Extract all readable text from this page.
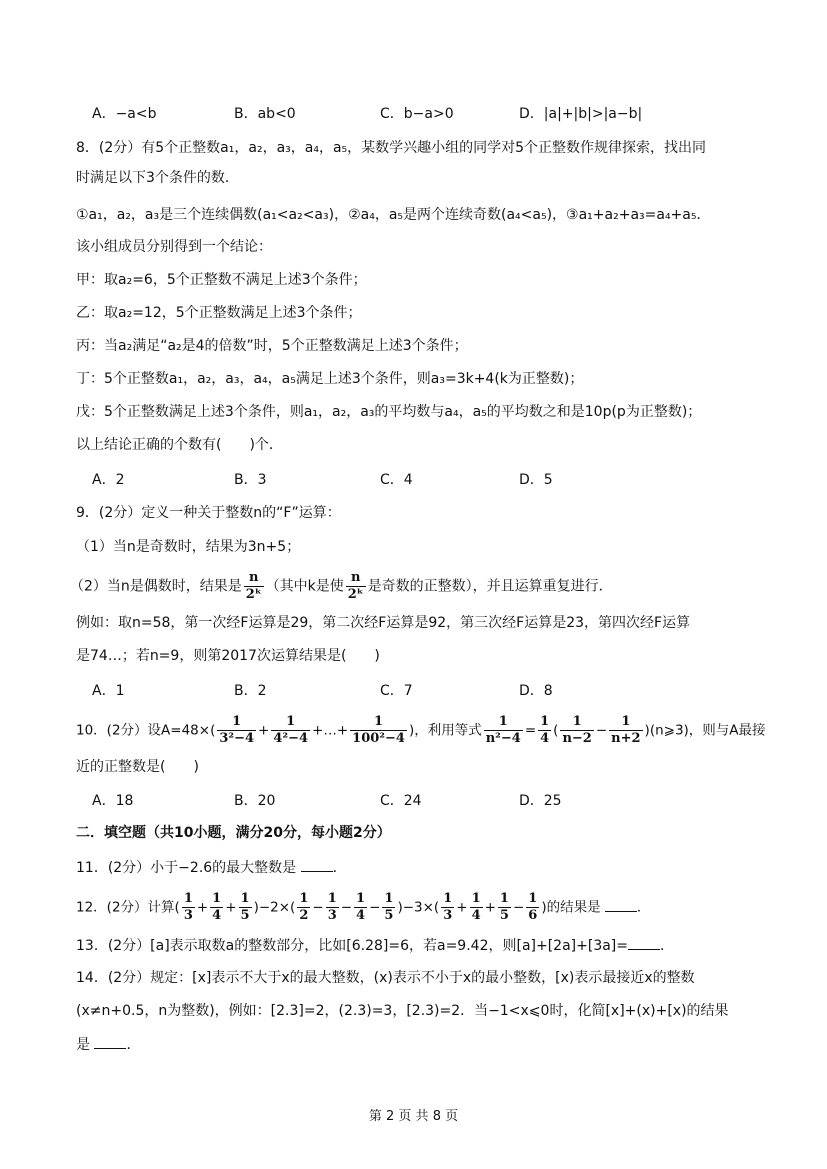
A．−a<b	B．ab<0	C．b−a>0	D．|a|+|b|>|a−b|
8．(2分）有5个正整数a₁，a₂，a₃，a₄，a₅，某数学兴趣小组的同学对5个正整数作规律探索，找出同
时满足以下3个条件的数．
①a₁，a₂，a₃是三个连续偶数(a₁<a₂<a₃)，②a₄，a₅是两个连续奇数(a₄<a₅)，③a₁+a₂+a₃=a₄+a₅．
该小组成员分别得到一个结论：
甲：取a₂=6，5个正整数不满足上述3个条件；
乙：取a₂=12，5个正整数满足上述3个条件；
丙：当a₂满足“a₂是4的倍数”时，5个正整数满足上述3个条件；
丁：5个正整数a₁，a₂，a₃，a₄，a₅满足上述3个条件，则a₃=3k+4(k为正整数)；
戊：5个正整数满足上述3个条件，则a₁，a₂，a₃的平均数与a₄，a₅的平均数之和是10p(p为正整数)；
以上结论正确的个数有(　　)个．
A．2	B．3	C．4	D．5
9．(2分）定义一种关于整数n的“F”运算：
（1）当n是奇数时，结果为3n+5；
（2）当n是偶数时，结果是 $\frac{n}{\text{2ᵏ}}$ （其中k是使 $\frac{n}{\text{2ᵏ}}$ 是奇数的正整数），并且运算重复进行．
例如：取n=58，第一次经F运算是29，第二次经F运算是92，第三次经F运算是23，第四次经F运算
是74…；若n=9，则第2017次运算结果是(　　)
A．1	B．2	C．7	D．8
10．(2分）设$A=48\times( \frac{1}{\text{3²−4}} + \frac{1}{\text{4²−4}}$ +…+ $\frac{1}{\text{100²−4}}$ )，利用等式 $\frac{1}{\text{n²−4}} = \frac{1}{4}$ ( $\frac{1}{n-2} - \frac{1}{n+2}$ )(n⩾3)，则与A最接
近的正整数是(　　)
A．18	B．20	C．24	D．25
二．填空题（共10小题，满分20分，每小题2分）
11．(2分）小于−2.6的最大整数是	．
12．(2分）计算( $\frac{1}{3} + \frac{1}{4} + \frac{1}{5} )-2\times( \frac{1}{2} - \frac{1}{3} - \frac{1}{4} - \frac{1}{5} )-3\times( \frac{1}{3} + \frac{1}{4} + \frac{1}{5} - \frac{1}{6}$ )的结果是	．
13．(2分）[a]表示取数a的整数部分，比如[6.28]=6，若a=9.42，则[a]+[2a]+[3a]= ．
14．(2分）规定：[x]表示不大于x的最大整数，(x)表示不小于x的最小整数，[x)表示最接近x的整数
(x≠n+0.5，n为整数)，例如：[2.3]=2，(2.3)=3，[2.3)=2．当−1<x⩽0时，化简[x]+(x)+[x)的结果
是	．
第 2 页 共 8 页
